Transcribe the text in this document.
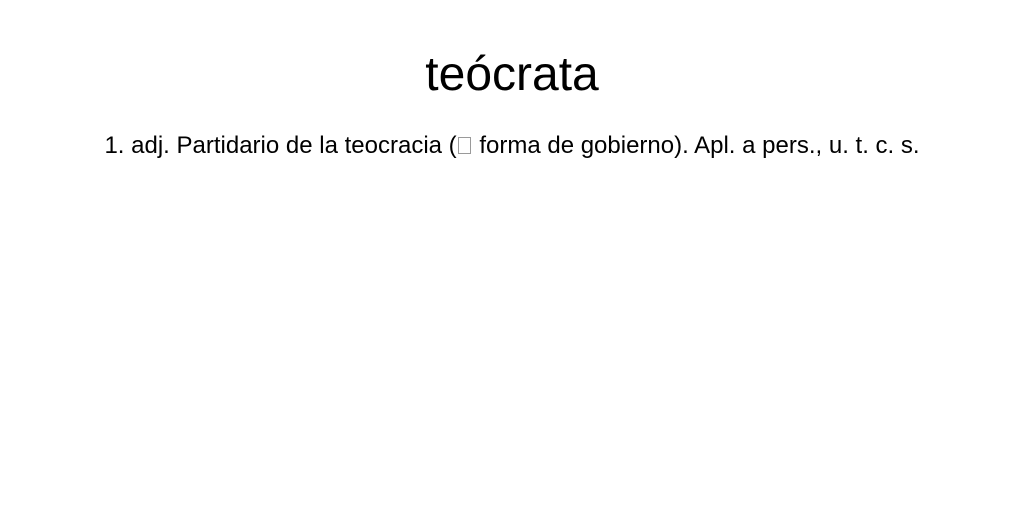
teócrata

1. adj. Partidario de la teocracia ( forma de gobierno). Apl. a pers., u. t. c. s.
